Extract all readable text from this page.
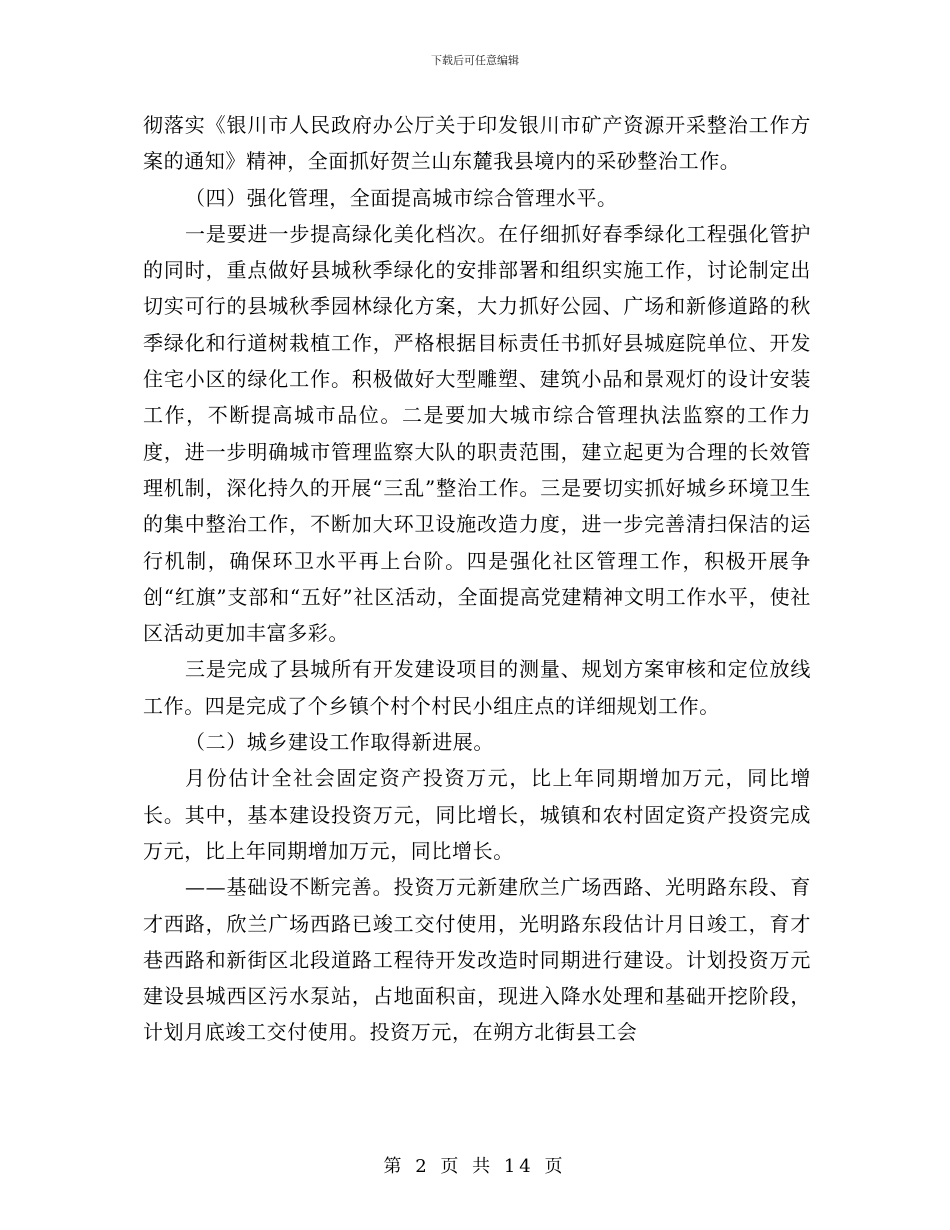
下载后可任意编辑

彻落实《银川市人民政府办公厅关于印发银川市矿产资源开采整治工作方案的通知》精神，全面抓好贺兰山东麓我县境内的采砂整治工作。

（四）强化管理，全面提高城市综合管理水平。

一是要进一步提高绿化美化档次。在仔细抓好春季绿化工程强化管护的同时，重点做好县城秋季绿化的安排部署和组织实施工作，讨论制定出切实可行的县城秋季园林绿化方案，大力抓好公园、广场和新修道路的秋季绿化和行道树栽植工作，严格根据目标责任书抓好县城庭院单位、开发住宅小区的绿化工作。积极做好大型雕塑、建筑小品和景观灯的设计安装工作，不断提高城市品位。二是要加大城市综合管理执法监察的工作力度，进一步明确城市管理监察大队的职责范围，建立起更为合理的长效管理机制，深化持久的开展“三乱”整治工作。三是要切实抓好城乡环境卫生的集中整治工作，不断加大环卫设施改造力度，进一步完善清扫保洁的运行机制，确保环卫水平再上台阶。四是强化社区管理工作，积极开展争创“红旗”支部和“五好”社区活动，全面提高党建精神文明工作水平，使社区活动更加丰富多彩。

三是完成了县城所有开发建设项目的测量、规划方案审核和定位放线工作。四是完成了个乡镇个村个村民小组庄点的详细规划工作。

（二）城乡建设工作取得新进展。

月份估计全社会固定资产投资万元，比上年同期增加万元，同比增长。其中，基本建设投资万元，同比增长，城镇和农村固定资产投资完成万元，比上年同期增加万元，同比增长。

——基础设不断完善。投资万元新建欣兰广场西路、光明路东段、育才西路，欣兰广场西路已竣工交付使用，光明路东段估计月日竣工，育才巷西路和新街区北段道路工程待开发改造时同期进行建设。计划投资万元建设县城西区污水泵站，占地面积亩，现进入降水处理和基础开挖阶段，计划月底竣工交付使用。投资万元，在朔方北街县工会

第 2 页 共 14 页
